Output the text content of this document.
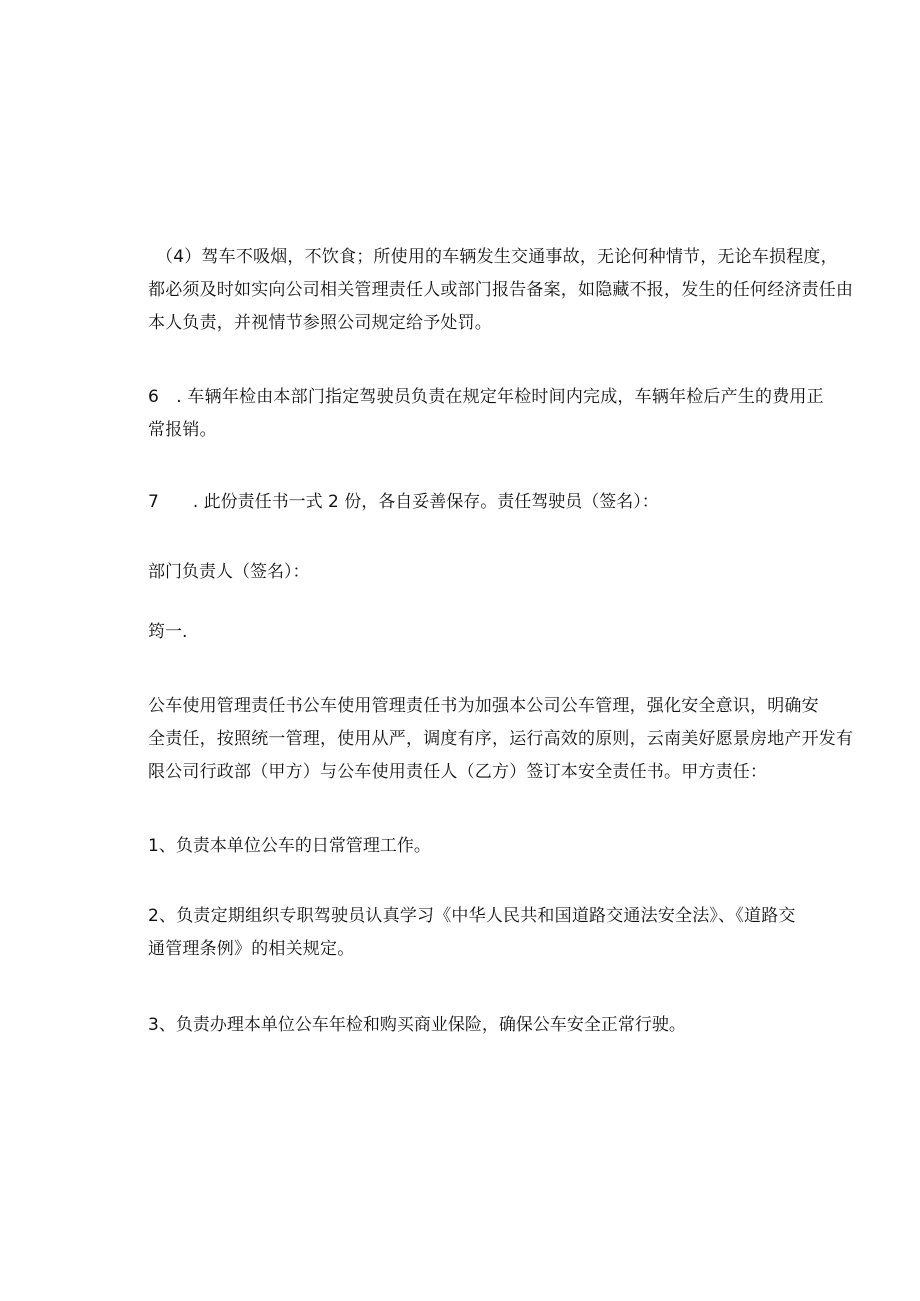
（4）驾车不吸烟，不饮食；所使用的车辆发生交通事故，无论何种情节，无论车损程度，
都必须及时如实向公司相关管理责任人或部门报告备案，如隐藏不报，发生的任何经济责任由
本人负责，并视情节参照公司规定给予处罚。
6　. 车辆年检由本部门指定驾驶员负责在规定年检时间内完成，车辆年检后产生的费用正
常报销。

7　　. 此份责任书一式 2 份，各自妥善保存。责任驾驶员（签名）：

部门负责人（签名）：

筠一.

公车使用管理责任书公车使用管理责任书为加强本公司公车管理，强化安全意识，明确安
全责任，按照统一管理，使用从严，调度有序，运行高效的原则，云南美好愿景房地产开发有
限公司行政部（甲方）与公车使用责任人（乙方）签订本安全责任书。甲方责任：

1、负责本单位公车的日常管理工作。

2、负责定期组织专职驾驶员认真学习《中华人民共和国道路交通法安全法》、《道路交
通管理条例》的相关规定。

3、负责办理本单位公车年检和购买商业保险，确保公车安全正常行驶。
